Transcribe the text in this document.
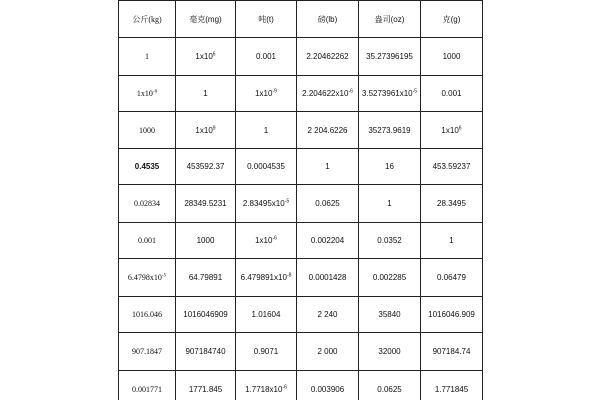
公斤(kg)	毫克(mg)	吨(t)	磅(lb)	盎司(oz)	克(g)
1	$1x10^6$	0.001	2.20462262	35.27396195	1000
$1x10^{-6}$	1	$1x10^{-9}$	$2.204622x10^{-6}$	$3.5273961x10^{-5}$	0.001
1000	$1x10^9$	1	2 204.6226	35273.9619	$1x10^6$
0.4535	453592.37	0.0004535	1	16	453.59237
0.02834	28349.5231	$2.83495x10^{-5}$	0.0625	1	28.3495
0.001	1000	$1x10^{-6}$	0.002204	0.0352	1
$6.4798x10^{-5}$	64.79891	$6.479891x10^{-8}$	0.0001428	0.002285	0.06479
1016.046	1016046909	1.01604	2 240	35840	1016046.909
907.1847	907184740	0.9071	2 000	32000	907184.74
0.001771	1771.845	$1.7718x10^{-6}$	0.003906	0.0625	1.771845
